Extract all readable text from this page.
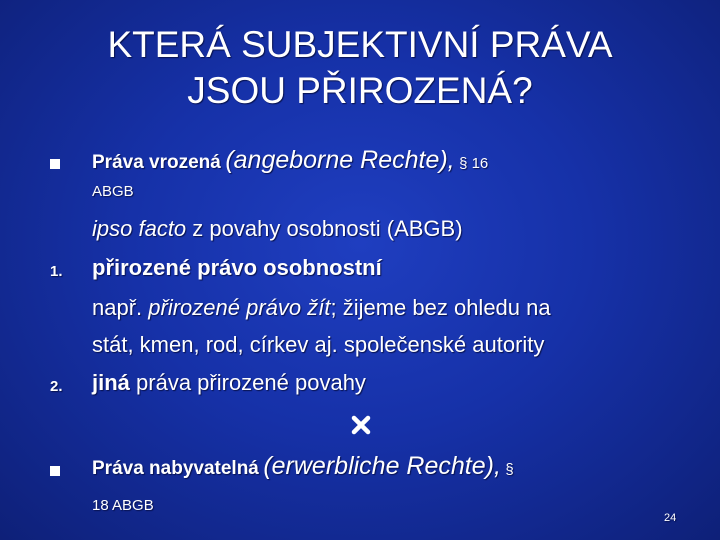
KTERÁ SUBJEKTIVNÍ PRÁVA
JSOU PŘIROZENÁ?
Práva vrozená (angeborne Rechte), § 16
ABGB
ipso facto z povahy osobnosti (ABGB)
1. přirozené právo osobnostní
např. přirozené právo žít; žijeme bez ohledu na
stát, kmen, rod, církev aj. společenské autority
2. jiná práva přirozené povahy
Práva nabyvatelná (erwerbliche Rechte), §
18 ABGB
24
